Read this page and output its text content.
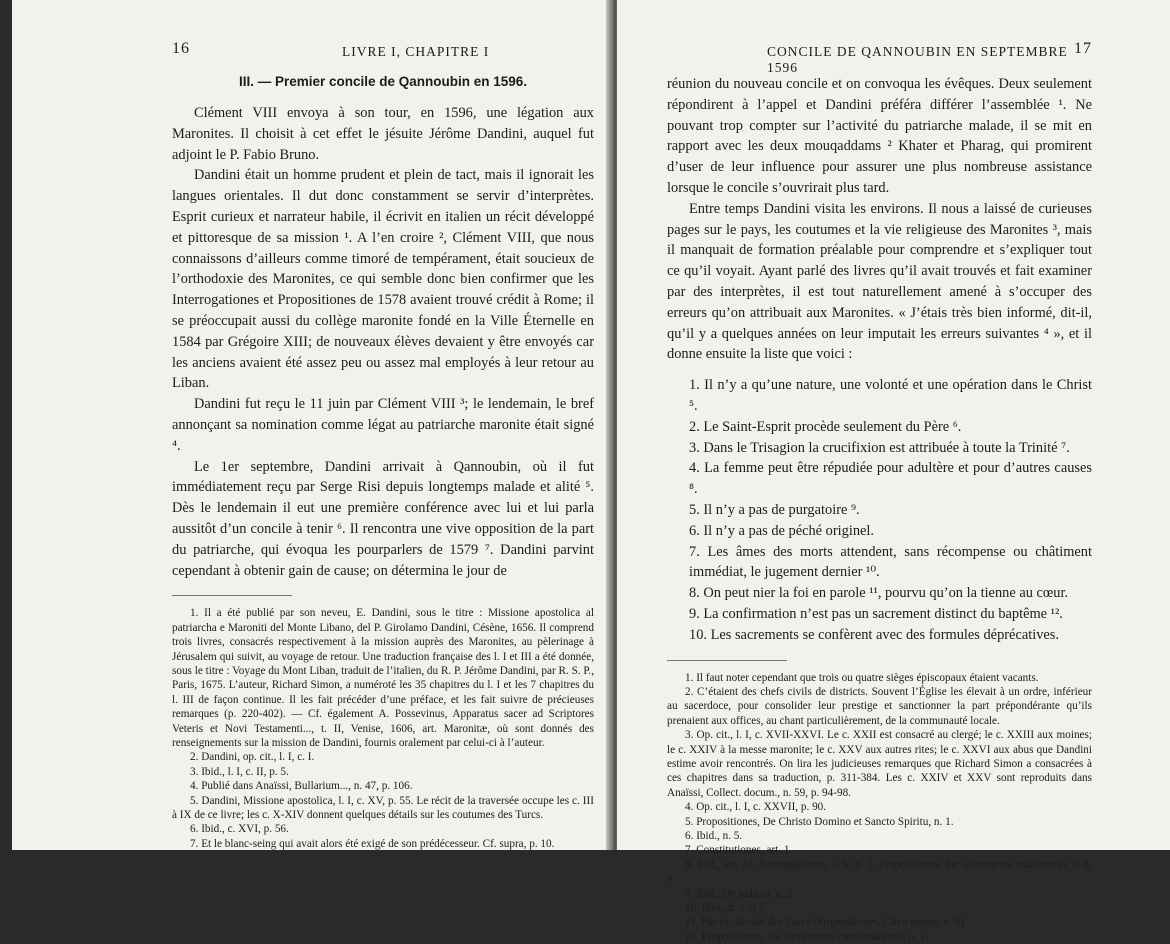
16	LIVRE I, CHAPITRE I
III. — Premier concile de Qannoubin en 1596.

Clément VIII envoya à son tour, en 1596, une légation aux Maronites. Il choisit à cet effet le jésuite Jérôme Dandini, auquel fut adjoint le P. Fabio Bruno.

Dandini était un homme prudent et plein de tact, mais il ignorait les langues orientales. Il dut donc constamment se servir d’interprètes. Esprit curieux et narrateur habile, il écrivit en italien un récit développé et pittoresque de sa mission ¹. A l’en croire ², Clément VIII, que nous connaissons d’ailleurs comme timoré de tempérament, était soucieux de l’orthodoxie des Maronites, ce qui semble donc bien confirmer que les Interrogationes et Propositiones de 1578 avaient trouvé crédit à Rome; il se préoccupait aussi du collège maronite fondé en la Ville Éternelle en 1584 par Grégoire XIII; de nouveaux élèves devaient y être envoyés car les anciens avaient été assez peu ou assez mal employés à leur retour au Liban.

Dandini fut reçu le 11 juin par Clément VIII ³; le lendemain, le bref annonçant sa nomination comme légat au patriarche maronite était signé ⁴.

Le 1er septembre, Dandini arrivait à Qannoubin, où il fut immédiatement reçu par Serge Risi depuis longtemps malade et alité ⁵. Dès le lendemain il eut une première conférence avec lui et lui parla aussitôt d’un concile à tenir ⁶. Il rencontra une vive opposition de la part du patriarche, qui évoqua les pourparlers de 1579 ⁷. Dandini parvint cependant à obtenir gain de cause; on détermina le jour de

1. Il a été publié par son neveu, E. Dandini, sous le titre : Missione apostolica al patriarcha e Maroniti del Monte Libano, del P. Girolamo Dandini, Césène, 1656. Il comprend trois livres, consacrés respectivement à la mission auprès des Maronites, au pèlerinage à Jérusalem qui suivit, au voyage de retour. Une traduction française des l. I et III a été donnée, sous le titre : Voyage du Mont Liban, traduit de l’italien, du R. P. Jérôme Dandini, par R. S. P., Paris, 1675. L’auteur, Richard Simon, a numéroté les 35 chapitres du l. I et les 7 chapitres du l. III de façon continue. Il les fait précéder d’une préface, et les fait suivre de précieuses remarques (p. 220-402). — Cf. également A. Possevinus, Apparatus sacer ad Scriptores Veteris et Novi Testamenti..., t. II, Venise, 1606, art. Maronitæ, où sont donnés des renseignements sur la mission de Dandini, fournis oralement par celui-ci à l’auteur.

2. Dandini, op. cit., l. I, c. I.

3. Ibid., l. I, c. II, p. 5.

4. Publié dans Anaïssi, Bullarium..., n. 47, p. 106.

5. Dandini, Missione apostolica, l. I, c. XV, p. 55. Le récit de la traversée occupe les c. III à IX de ce livre; les c. X-XIV donnent quelques détails sur les coutumes des Turcs.

6. Ibid., c. XVI, p. 56.

7. Et le blanc-seing qui avait alors été exigé de son prédécesseur. Cf. supra, p. 10.

CONCILE DE QANNOUBIN EN SEPTEMBRE 1596
17

réunion du nouveau concile et on convoqua les évêques. Deux seulement répondirent à l’appel et Dandini préféra différer l’assemblée ¹. Ne pouvant trop compter sur l’activité du patriarche malade, il se mit en rapport avec les deux mouqaddams ² Khater et Pharag, qui promirent d’user de leur influence pour assurer une plus nombreuse assistance lorsque le concile s’ouvrirait plus tard.

Entre temps Dandini visita les environs. Il nous a laissé de curieuses pages sur le pays, les coutumes et la vie religieuse des Maronites ³, mais il manquait de formation préalable pour comprendre et s’expliquer tout ce qu’il voyait. Ayant parlé des livres qu’il avait trouvés et fait examiner par des interprètes, il est tout naturellement amené à s’occuper des erreurs qu’on attribuait aux Maronites. « J’étais très bien informé, dit-il, qu’il y a quelques années on leur imputait les erreurs suivantes ⁴ », et il donne ensuite la liste que voici :

1. Il n’y a qu’une nature, une volonté et une opération dans le Christ ⁵.
2. Le Saint-Esprit procède seulement du Père ⁶.
3. Dans le Trisagion la crucifixion est attribuée à toute la Trinité ⁷.
4. La femme peut être répudiée pour adultère et pour d’autres causes ⁸.
5. Il n’y a pas de purgatoire ⁹.
6. Il n’y a pas de péché originel.
7. Les âmes des morts attendent, sans récompense ou châtiment immédiat, le jugement dernier ¹⁰.
8. On peut nier la foi en parole ¹¹, pourvu qu’on la tienne au cœur.
9. La confirmation n’est pas un sacrement distinct du baptême ¹².
10. Les sacrements se confèrent avec des formules déprécatives.

1. Il faut noter cependant que trois ou quatre sièges épiscopaux étaient vacants.

2. C’étaient des chefs civils de districts. Souvent l’Église les élevait à un ordre, inférieur au sacerdoce, pour consolider leur prestige et sanctionner la part prépondérante qu’ils prenaient aux offices, au chant particulièrement, de la communauté locale.

3. Op. cit., l. I, c. XVII-XXVI. Le c. XXII est consacré au clergé; le c. XXIII aux moines; le c. XXIV à la messe maronite; le c. XXV aux autres rites; le c. XXVI aux abus que Dandini estime avoir rencontrés. On lira les judicieuses remarques que Richard Simon a consacrées à ces chapitres dans sa traduction, p. 311-384. Les c. XXIV et XXV sont reproduits dans Anaïssi, Collect. docum., n. 59, p. 94-98.

4. Op. cit., l. I, c. XXVII, p. 90.

5. Propositiones, De Christo Domino et Sancto Spiritu, n. 1.

6. Ibid., n. 5.

7. Constitutiones, art. 1.

8. Ibid., art. 24; Interrogationes, c. V, n. 1; Propositiones, De sacramento matrimonii, n. 8, 9.

9. Ibid., De judicio, n. 2.

10. Ibid., n. 1 et 2.

11. Par ex. devant des Turcs (Propositiones, Circa mores, n. 6).

12. Propositiones, De sacramento confirmationis, n. 1.
